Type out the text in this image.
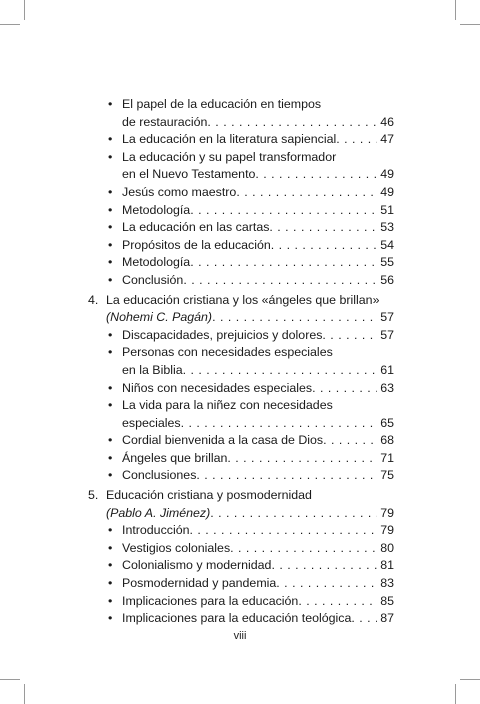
• El papel de la educación en tiempos
de restauración . . .	46
• La educación en la literatura sapiencial . . .	47
• La educación y su papel transformador
en el Nuevo Testamento . . .	49
• Jesús como maestro . . .	49
• Metodología . . .	51
• La educación en las cartas . . .	53
• Propósitos de la educación . . .	54
• Metodología . . .	55
• Conclusión . . .	56
4. La educación cristiana y los «ángeles que brillan»
(Nohemi C. Pagán) . . .	57
• Discapacidades, prejuicios y dolores . . .	57
• Personas con necesidades especiales
en la Biblia . . .	61
• Niños con necesidades especiales . . .	63
• La vida para la niñez con necesidades
especiales . . .	65
• Cordial bienvenida a la casa de Dios . . .	68
• Ángeles que brillan . . .	71
• Conclusiones . . .	75
5. Educación cristiana y posmodernidad
(Pablo A. Jiménez) . . .	79
• Introducción . . .	79
• Vestigios coloniales . . .	80
• Colonialismo y modernidad . . .	81
• Posmodernidad y pandemia . . .	83
• Implicaciones para la educación . . .	85
• Implicaciones para la educación teológica . . . 87
viii
